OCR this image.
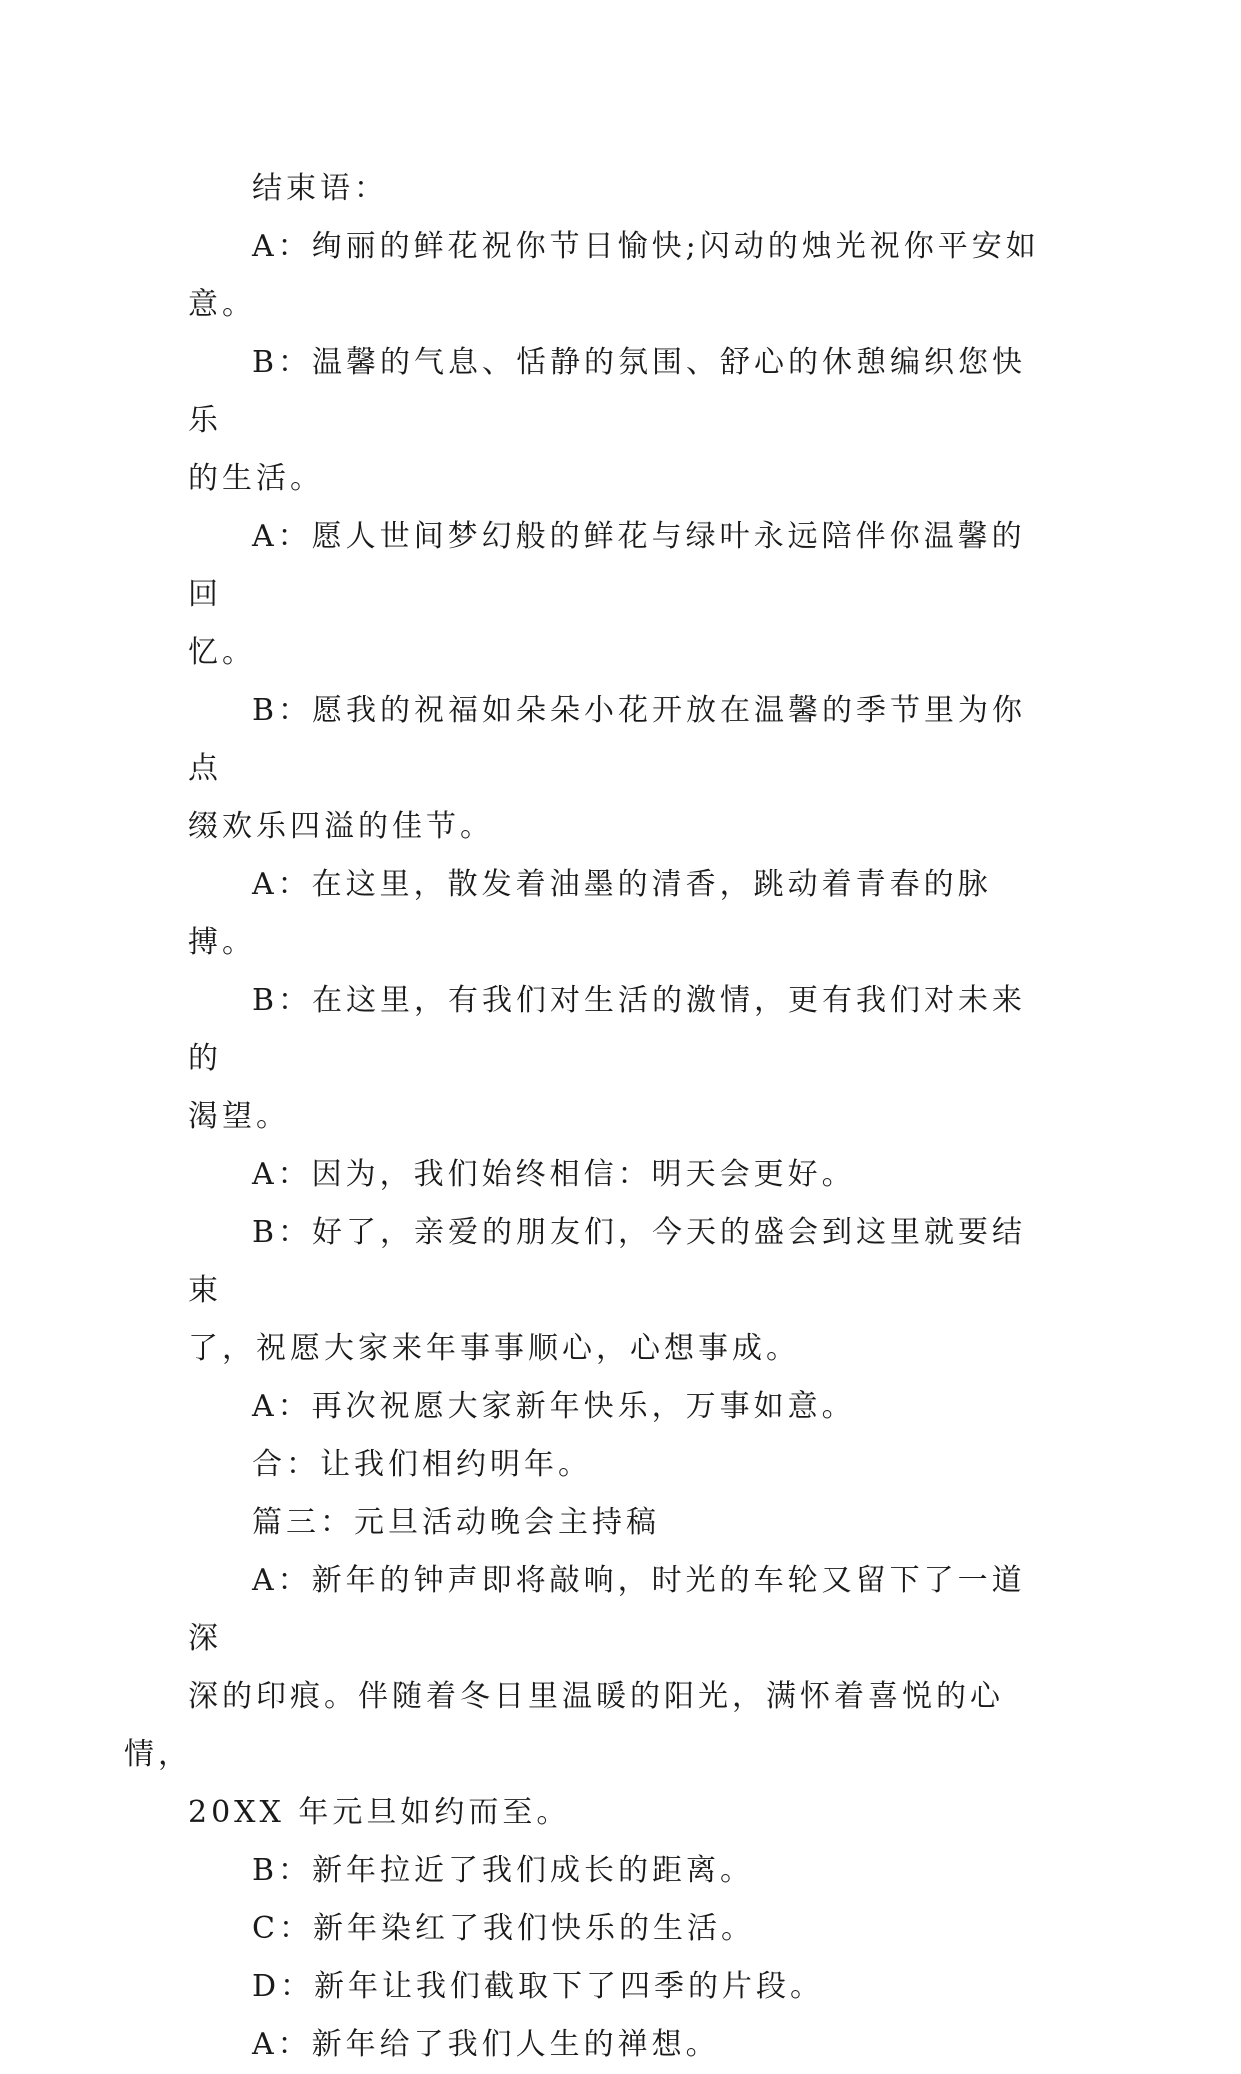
结束语：
A：绚丽的鲜花祝你节日愉快;闪动的烛光祝你平安如意。
B：温馨的气息、恬静的氛围、舒心的休憩编织您快乐
的生活。
A：愿人世间梦幻般的鲜花与绿叶永远陪伴你温馨的回
忆。
B：愿我的祝福如朵朵小花开放在温馨的季节里为你点
缀欢乐四溢的佳节。
A：在这里，散发着油墨的清香，跳动着青春的脉搏。
B：在这里，有我们对生活的激情，更有我们对未来的
渴望。
A：因为，我们始终相信：明天会更好。
B：好了，亲爱的朋友们，今天的盛会到这里就要结束
了，祝愿大家来年事事顺心，心想事成。
A：再次祝愿大家新年快乐，万事如意。
合：让我们相约明年。
篇三：元旦活动晚会主持稿
A：新年的钟声即将敲响，时光的车轮又留下了一道深
深的印痕。伴随着冬日里温暖的阳光，满怀着喜悦的心情，
20XX 年元旦如约而至。
B：新年拉近了我们成长的距离。
C：新年染红了我们快乐的生活。
D：新年让我们截取下了四季的片段。
A：新年给了我们人生的禅想。
